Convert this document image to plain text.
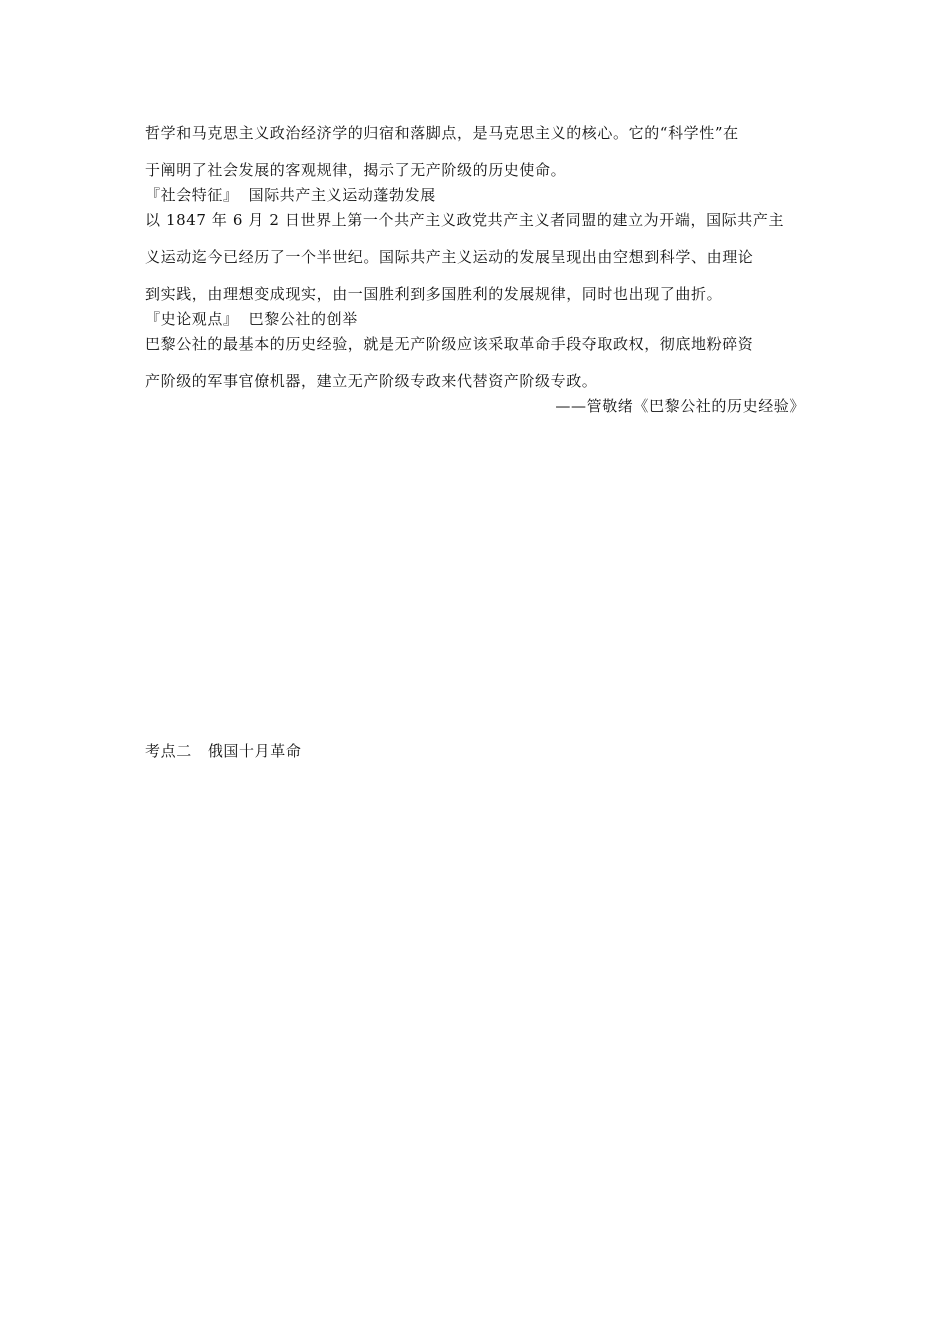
哲学和马克思主义政治经济学的归宿和落脚点，是马克思主义的核心。它的“科学性”在
于阐明了社会发展的客观规律，揭示了无产阶级的历史使命。
『社会特征』 国际共产主义运动蓬勃发展
以 1847 年 6 月 2 日世界上第一个共产主义政党共产主义者同盟的建立为开端，国际共产主
义运动迄今已经历了一个半世纪。国际共产主义运动的发展呈现出由空想到科学、由理论
到实践，由理想变成现实，由一国胜利到多国胜利的发展规律，同时也出现了曲折。
『史论观点』 巴黎公社的创举
巴黎公社的最基本的历史经验，就是无产阶级应该采取革命手段夺取政权，彻底地粉碎资
产阶级的军事官僚机器，建立无产阶级专政来代替资产阶级专政。
——管敬绪《巴黎公社的历史经验》
考点二 俄国十月革命
